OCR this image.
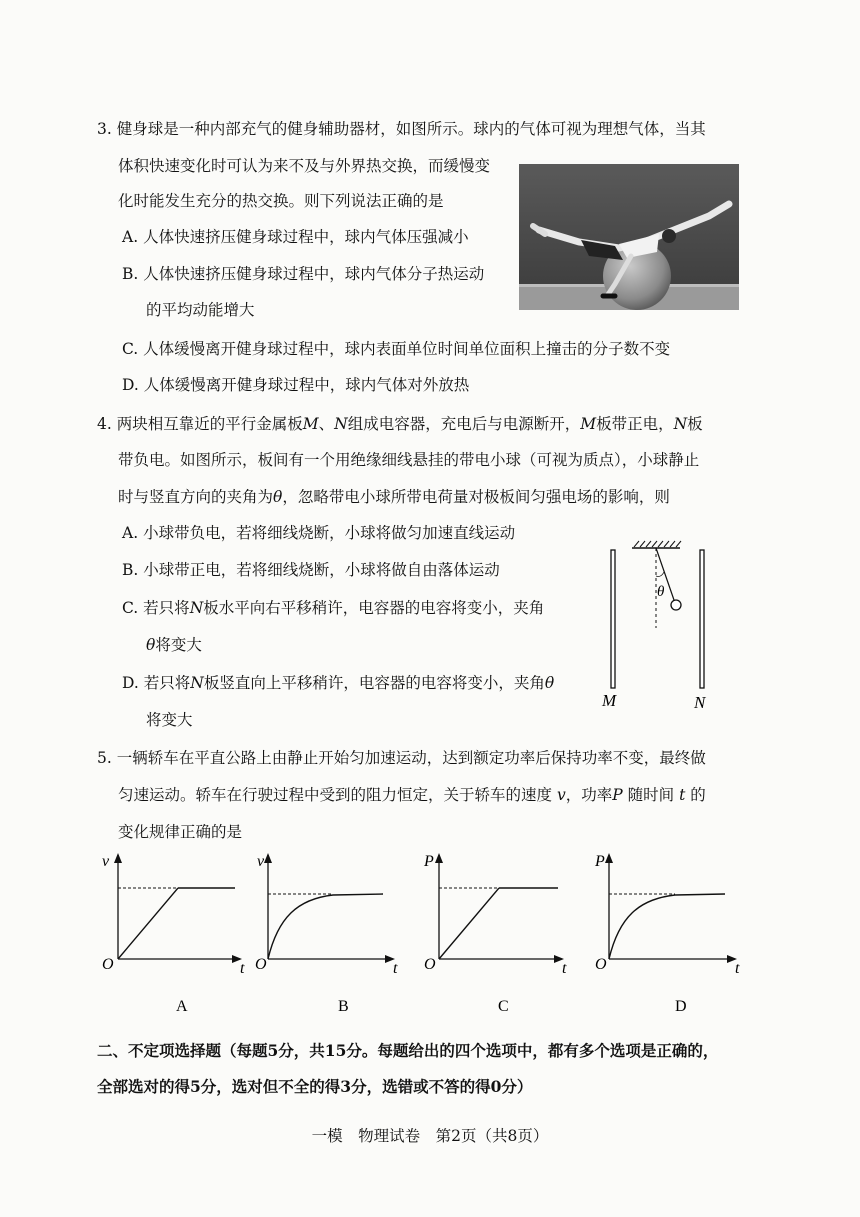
3. 健身球是一种内部充气的健身辅助器材，如图所示。球内的气体可视为理想气体，当其
体积快速变化时可认为来不及与外界热交换，而缓慢变
化时能发生充分的热交换。则下列说法正确的是
A. 人体快速挤压健身球过程中，球内气体压强减小
B. 人体快速挤压健身球过程中，球内气体分子热运动
的平均动能增大
C. 人体缓慢离开健身球过程中，球内表面单位时间单位面积上撞击的分子数不变
D. 人体缓慢离开健身球过程中，球内气体对外放热
4. 两块相互靠近的平行金属板M、N组成电容器，充电后与电源断开，M板带正电，N板
带负电。如图所示，板间有一个用绝缘细线悬挂的带电小球（可视为质点），小球静止
时与竖直方向的夹角为θ，忽略带电小球所带电荷量对极板间匀强电场的影响，则
A. 小球带负电，若将细线烧断，小球将做匀加速直线运动
B. 小球带正电，若将细线烧断，小球将做自由落体运动
C. 若只将N板水平向右平移稍许，电容器的电容将变小，夹角
θ将变大
D. 若只将N板竖直向上平移稍许，电容器的电容将变小，夹角θ
将变大
θ
M	N
5. 一辆轿车在平直公路上由静止开始匀加速运动，达到额定功率后保持功率不变，最终做
匀速运动。轿车在行驶过程中受到的阻力恒定，关于轿车的速度 v，功率P 随时间 t 的
变化规律正确的是
v
O	t
A
v
O	t
B
P
O	t
C
P
O	t
D
二、不定项选择题（每题5分，共15分。每题给出的四个选项中，都有多个选项是正确的，
全部选对的得5分，选对但不全的得3分，选错或不答的得0分）
一模　物理试卷　第2页（共8页）
